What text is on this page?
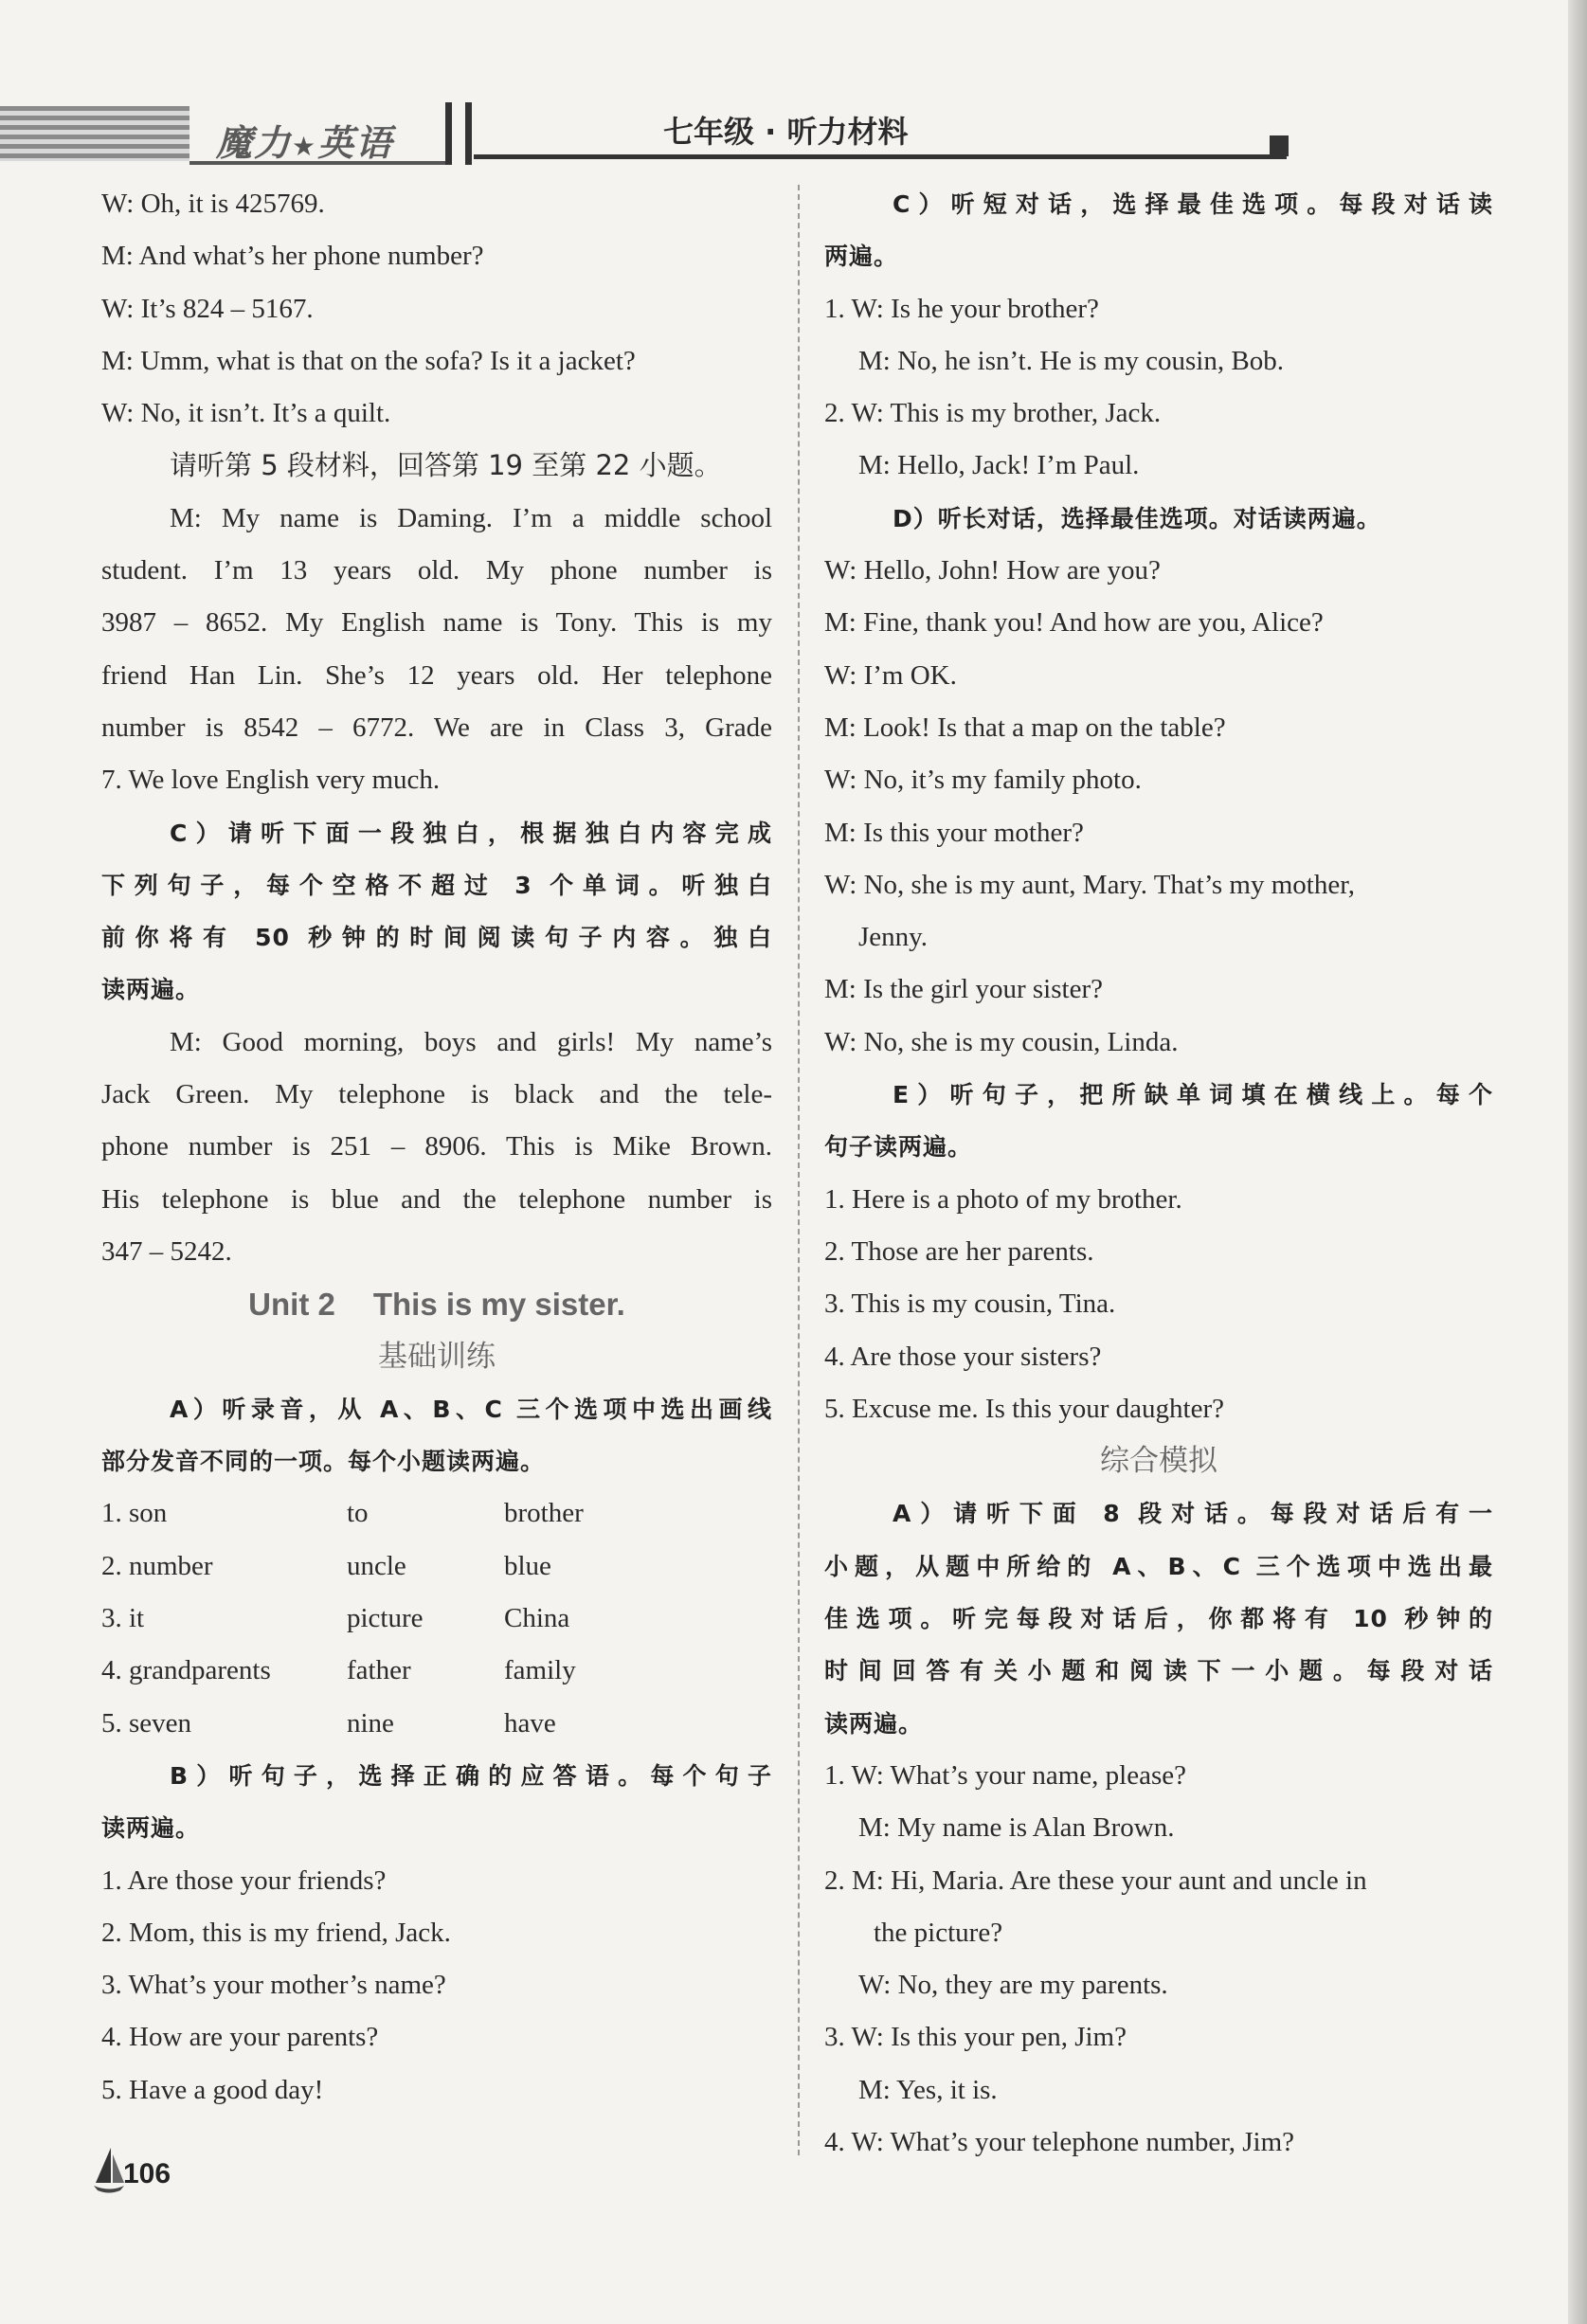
魔力★英语	七年级 · 听力材料
W: Oh, it is 425769.
M: And what’s her phone number?
W: It’s 824 – 5167.
M: Umm, what is that on the sofa? Is it a jacket?
W: No, it isn’t. It’s a quilt.
请听第 5 段材料，回答第 19 至第 22 小题。
M: My name is Daming. I’m a middle school
student. I’m 13 years old. My phone number is
3987 – 8652. My English name is Tony. This is my
friend Han Lin. She’s 12 years old. Her telephone
number is 8542 – 6772. We are in Class 3, Grade
7. We love English very much.
C）请听下面一段独白，根据独白内容完成
下列句子，每个空格不超过 3 个单词。听独白
前你将有 50 秒钟的时间阅读句子内容。独白
读两遍。
M: Good morning, boys and girls! My name’s
Jack Green. My telephone is black and the tele-
phone number is 251 – 8906. This is Mike Brown.
His telephone is blue and the telephone number is
347 – 5242.
Unit 2 This is my sister.
基础训练
A）听录音，从 A、B、C 三个选项中选出画线
部分发音不同的一项。每个小题读两遍。
1. son	to	brother
2. number	uncle	blue
3. it	picture	China
4. grandparents	father	family
5. seven	nine	have
B）听句子，选择正确的应答语。每个句子
读两遍。
1. Are those your friends?
2. Mom, this is my friend, Jack.
3. What’s your mother’s name?
4. How are your parents?
5. Have a good day!
C）听短对话，选择最佳选项。每段对话读
两遍。
1. W: Is he your brother?
M: No, he isn’t. He is my cousin, Bob.
2. W: This is my brother, Jack.
M: Hello, Jack! I’m Paul.
D）听长对话，选择最佳选项。对话读两遍。
W: Hello, John! How are you?
M: Fine, thank you! And how are you, Alice?
W: I’m OK.
M: Look! Is that a map on the table?
W: No, it’s my family photo.
M: Is this your mother?
W: No, she is my aunt, Mary. That’s my mother,
Jenny.
M: Is the girl your sister?
W: No, she is my cousin, Linda.
E）听句子，把所缺单词填在横线上。每个
句子读两遍。
1. Here is a photo of my brother.
2. Those are her parents.
3. This is my cousin, Tina.
4. Are those your sisters?
5. Excuse me. Is this your daughter?
综合模拟
A）请听下面 8 段对话。每段对话后有一
小题，从题中所给的 A、B、C 三个选项中选出最
佳选项。听完每段对话后，你都将有 10 秒钟的
时间回答有关小题和阅读下一小题。每段对话
读两遍。
1. W: What’s your name, please?
M: My name is Alan Brown.
2. M: Hi, Maria. Are these your aunt and uncle in
the picture?
W: No, they are my parents.
3. W: Is this your pen, Jim?
M: Yes, it is.
4. W: What’s your telephone number, Jim?
106
